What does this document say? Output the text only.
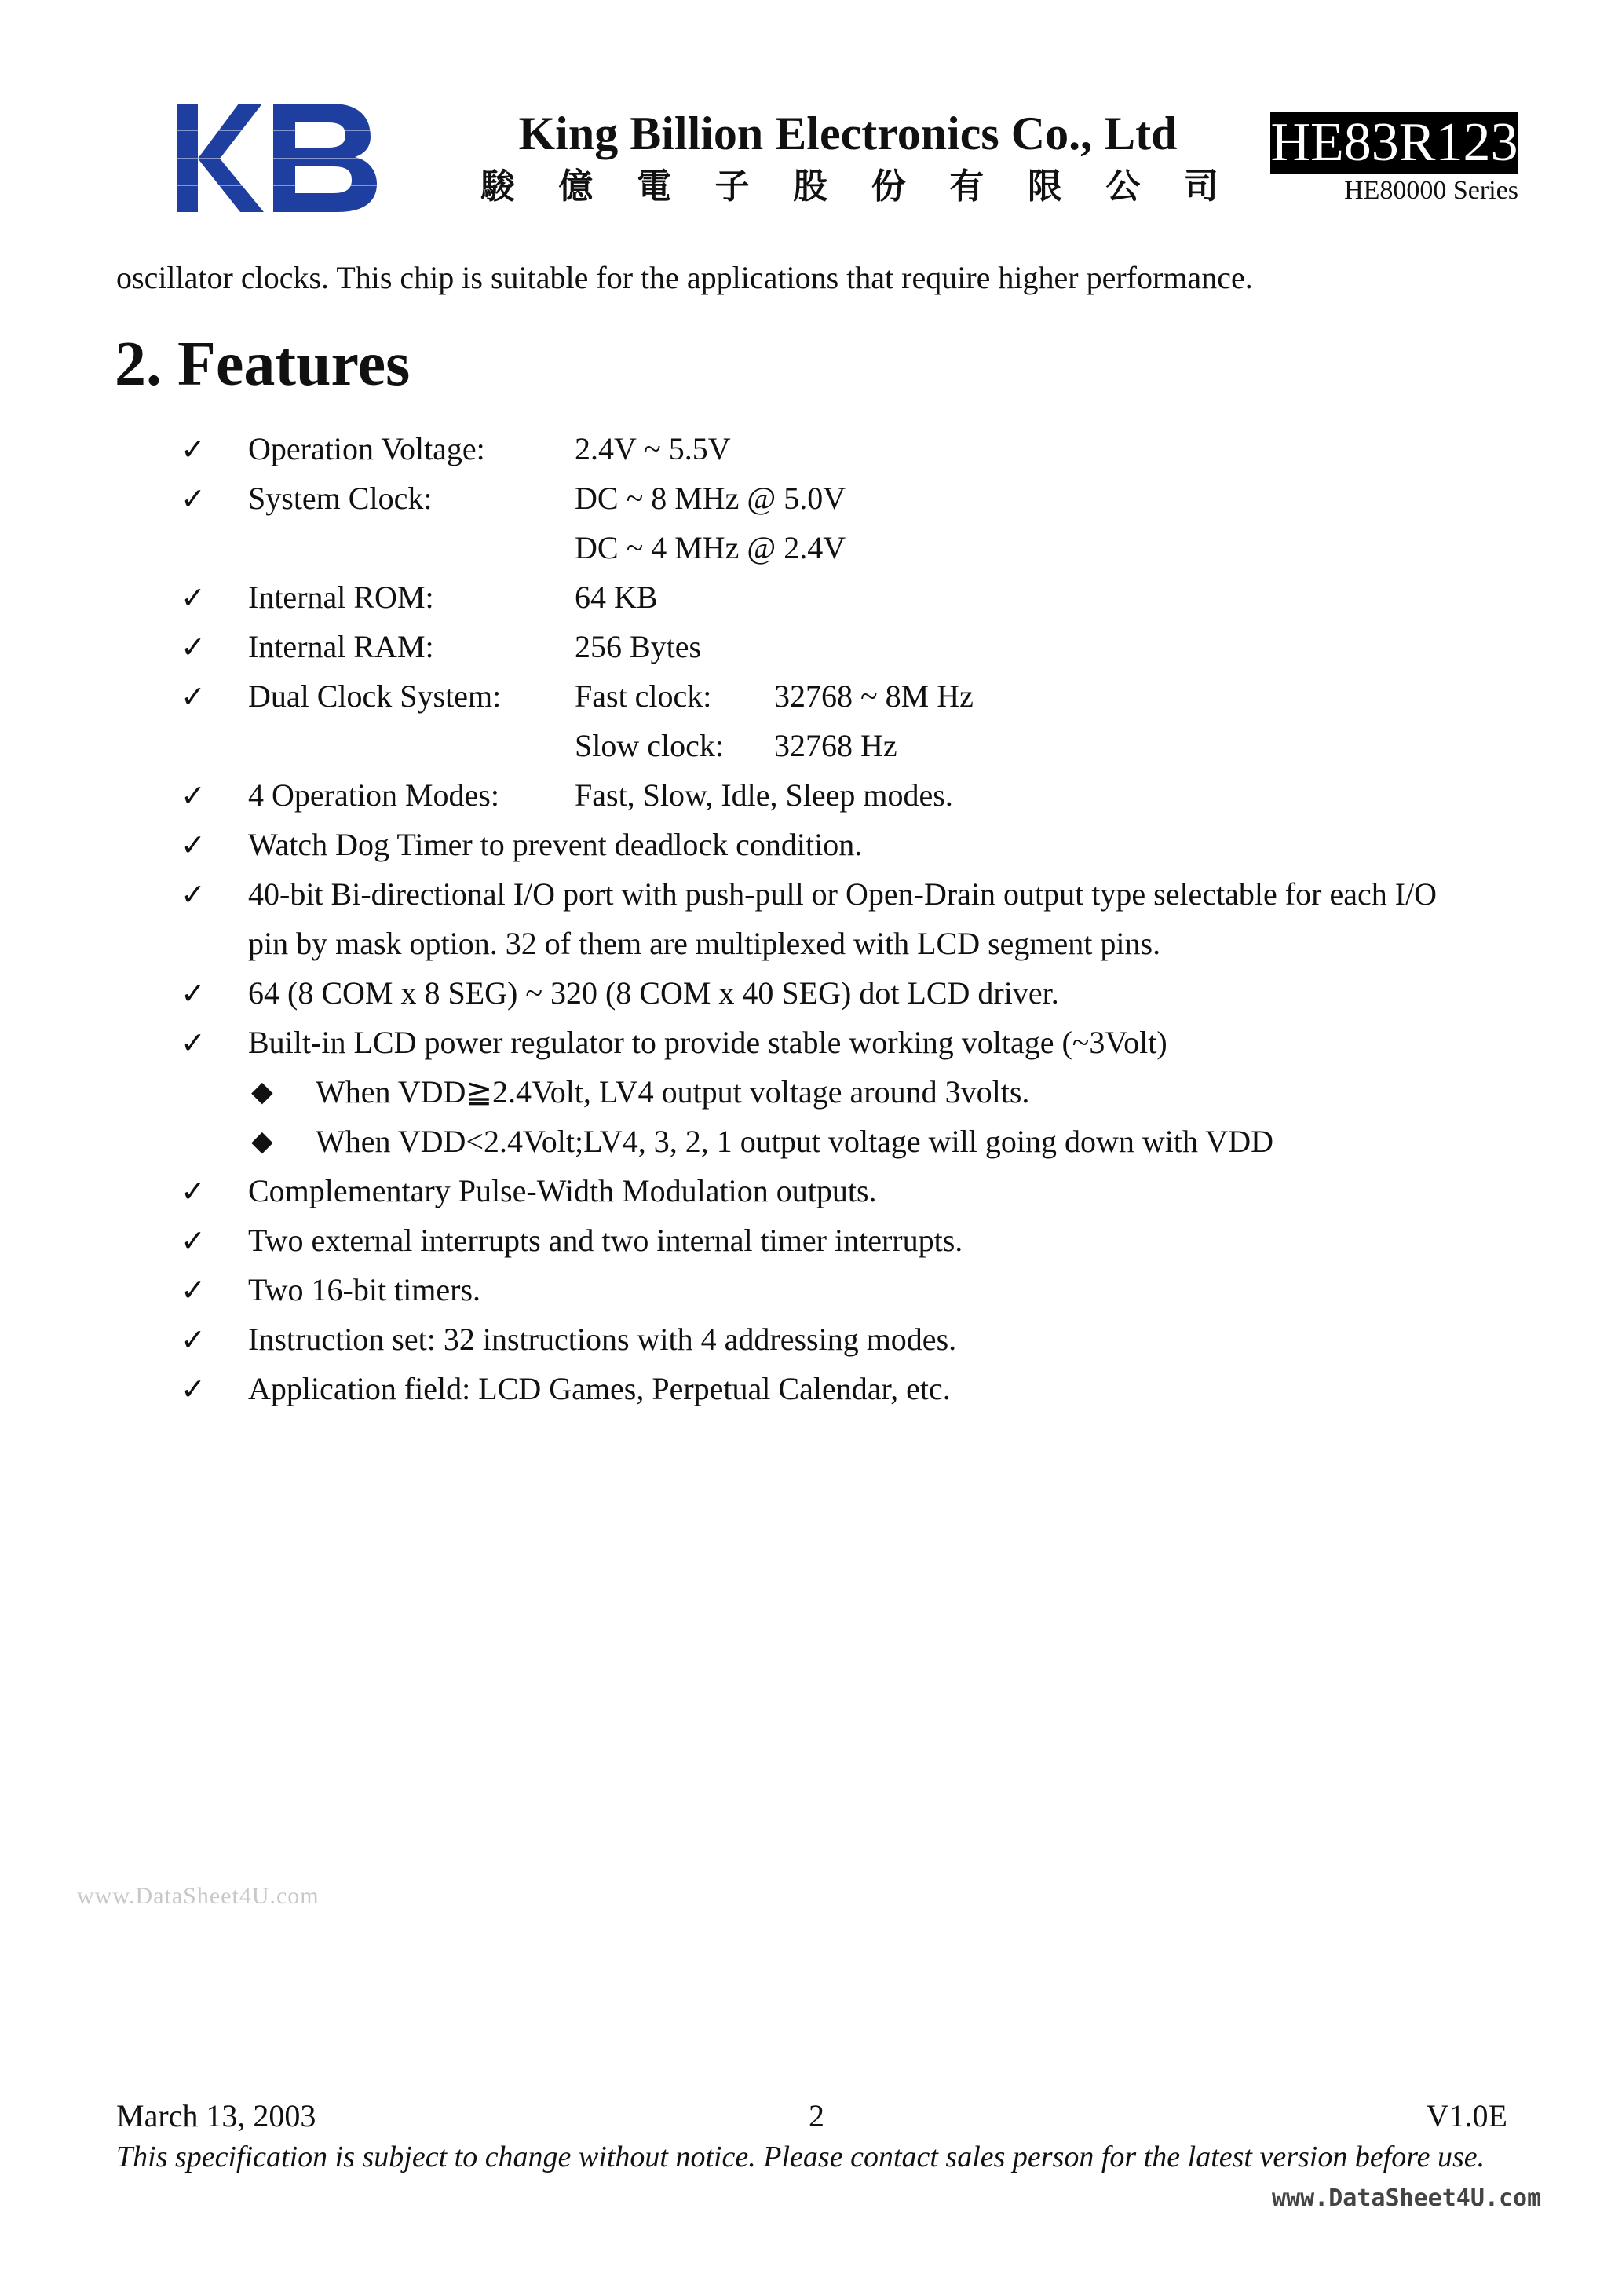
King Billion Electronics Co., Ltd
駿 億 電 子 股 份 有 限 公 司
HE83R123
HE80000 Series
oscillator clocks. This chip is suitable for the applications that require higher performance.
2. Features
✓ Operation Voltage:	2.4V ~ 5.5V
✓ System Clock:	DC ~ 8 MHz @ 5.0V
DC ~ 4 MHz @ 2.4V
✓ Internal ROM:	64 KB
✓ Internal RAM:	256 Bytes
✓ Dual Clock System: Fast clock: 32768 ~ 8M Hz
Slow clock: 32768 Hz
✓ 4 Operation Modes: Fast, Slow, Idle, Sleep modes.
✓ Watch Dog Timer to prevent deadlock condition.
✓ 40-bit Bi-directional I/O port with push-pull or Open-Drain output type selectable for each I/O
pin by mask option. 32 of them are multiplexed with LCD segment pins.
✓ 64 (8 COM x 8 SEG) ~ 320 (8 COM x 40 SEG) dot LCD driver.
✓ Built-in LCD power regulator to provide stable working voltage (~3Volt)
◆ When VDD≧2.4Volt, LV4 output voltage around 3volts.
◆ When VDD<2.4Volt;LV4, 3, 2, 1 output voltage will going down with VDD
✓ Complementary Pulse-Width Modulation outputs.
✓ Two external interrupts and two internal timer interrupts.
✓ Two 16-bit timers.
✓ Instruction set: 32 instructions with 4 addressing modes.
✓ Application field: LCD Games, Perpetual Calendar, etc.
www.DataSheet4U.com
March 13, 2003	2	V1.0E
This specification is subject to change without notice. Please contact sales person for the latest version before use.
www.DataSheet4U.com
